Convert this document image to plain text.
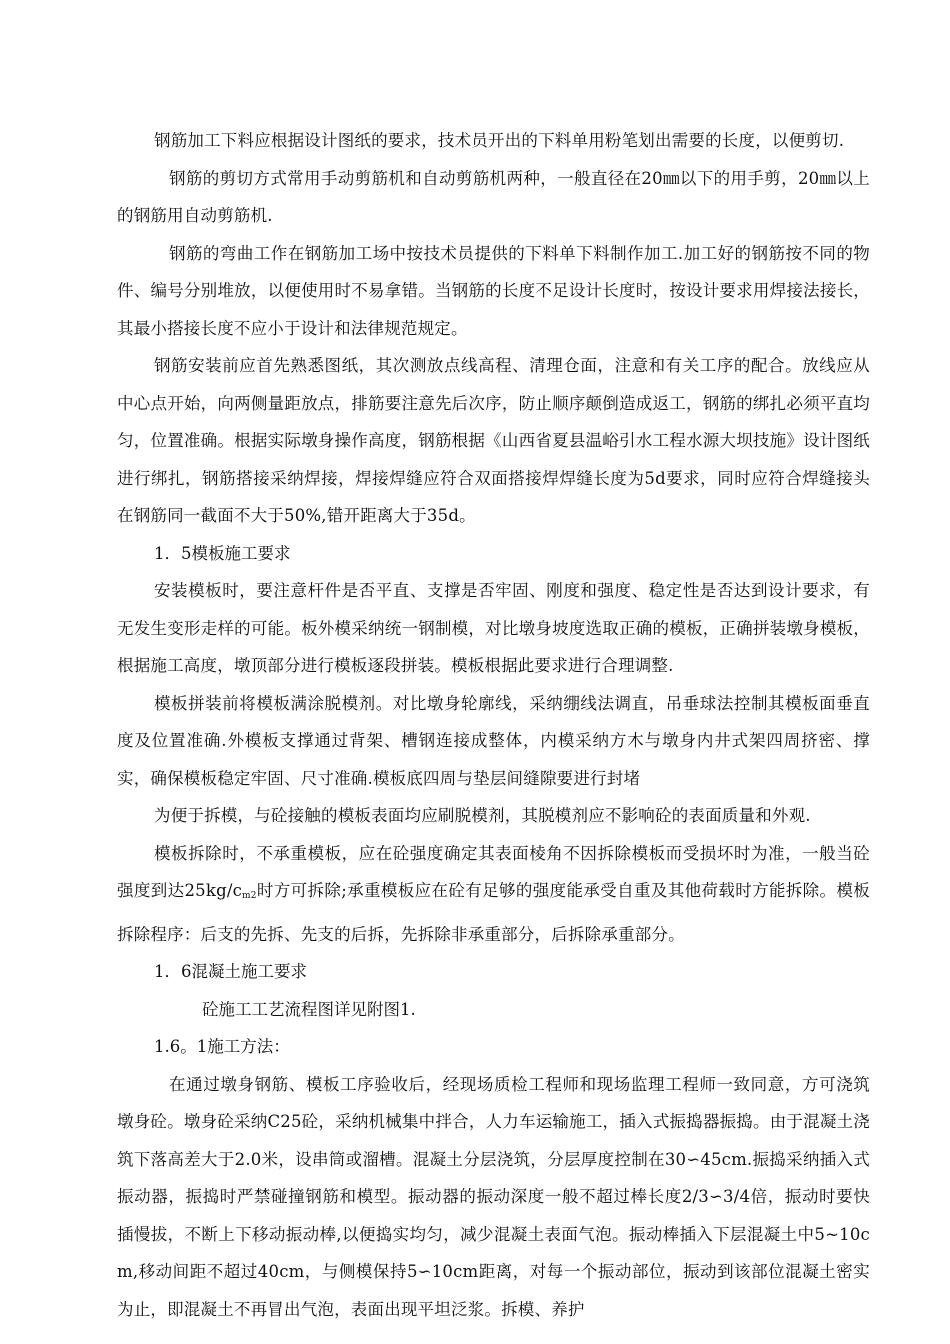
钢筋加工下料应根据设计图纸的要求，技术员开出的下料单用粉笔划出需要的长度，以便剪切.

钢筋的剪切方式常用手动剪筋机和自动剪筋机两种，一般直径在20㎜以下的用手剪，20㎜以上的钢筋用自动剪筋机.

钢筋的弯曲工作在钢筋加工场中按技术员提供的下料单下料制作加工.加工好的钢筋按不同的物件、编号分别堆放，以便使用时不易拿错。当钢筋的长度不足设计长度时，按设计要求用焊接法接长，其最小搭接长度不应小于设计和法律规范规定。

钢筋安装前应首先熟悉图纸，其次测放点线高程、清理仓面，注意和有关工序的配合。放线应从中心点开始，向两侧量距放点，排筋要注意先后次序，防止顺序颠倒造成返工，钢筋的绑扎必须平直均匀，位置准确。根据实际墩身操作高度，钢筋根据《山西省夏县温峪引水工程水源大坝技施》设计图纸进行绑扎，钢筋搭接采纳焊接，焊接焊缝应符合双面搭接焊焊缝长度为5d要求，同时应符合焊缝接头在钢筋同一截面不大于50%,错开距离大于35d。

1．5模板施工要求

安装模板时，要注意杆件是否平直、支撑是否牢固、刚度和强度、稳定性是否达到设计要求，有无发生变形走样的可能。板外模采纳统一钢制模，对比墩身坡度选取正确的模板，正确拼装墩身模板，根据施工高度，墩顶部分进行模板逐段拼装。模板根据此要求进行合理调整.

模板拼装前将模板满涂脱模剂。对比墩身轮廓线，采纳绷线法调直，吊垂球法控制其模板面垂直度及位置准确.外模板支撑通过背架、槽钢连接成整体，内模采纳方木与墩身内井式架四周挤密、撑实，确保模板稳定牢固、尺寸准确.模板底四周与垫层间缝隙要进行封堵

为便于拆模，与砼接触的模板表面均应刷脱模剂，其脱模剂应不影响砼的表面质量和外观.

模板拆除时，不承重模板，应在砼强度确定其表面棱角不因拆除模板而受损坏时为准，一般当砼强度到达$25kg/c_{m2}$时方可拆除;承重模板应在砼有足够的强度能承受自重及其他荷载时方能拆除。模板拆除程序：后支的先拆、先支的后拆，先拆除非承重部分，后拆除承重部分。

1．6混凝土施工要求

砼施工工艺流程图详见附图1.

1.6。1施工方法：

在通过墩身钢筋、模板工序验收后，经现场质检工程师和现场监理工程师一致同意，方可浇筑墩身砼。墩身砼采纳C25砼，采纳机械集中拌合，人力车运输施工，插入式振捣器振捣。由于混凝土浇筑下落高差大于2.0米，设串筒或溜槽。混凝土分层浇筑，分层厚度控制在30∽45cm.振捣采纳插入式振动器，振捣时严禁碰撞钢筋和模型。振动器的振动深度一般不超过棒长度2/3∽3/4倍，振动时要快插慢拔，不断上下移动振动棒,以便捣实均匀，减少混凝土表面气泡。振动棒插入下层混凝土中5~10cm,移动间距不超过40cm，与侧模保持5∽10cm距离，对每一个振动部位，振动到该部位混凝土密实为止，即混凝土不再冒出气泡，表面出现平坦泛浆。拆模、养护
